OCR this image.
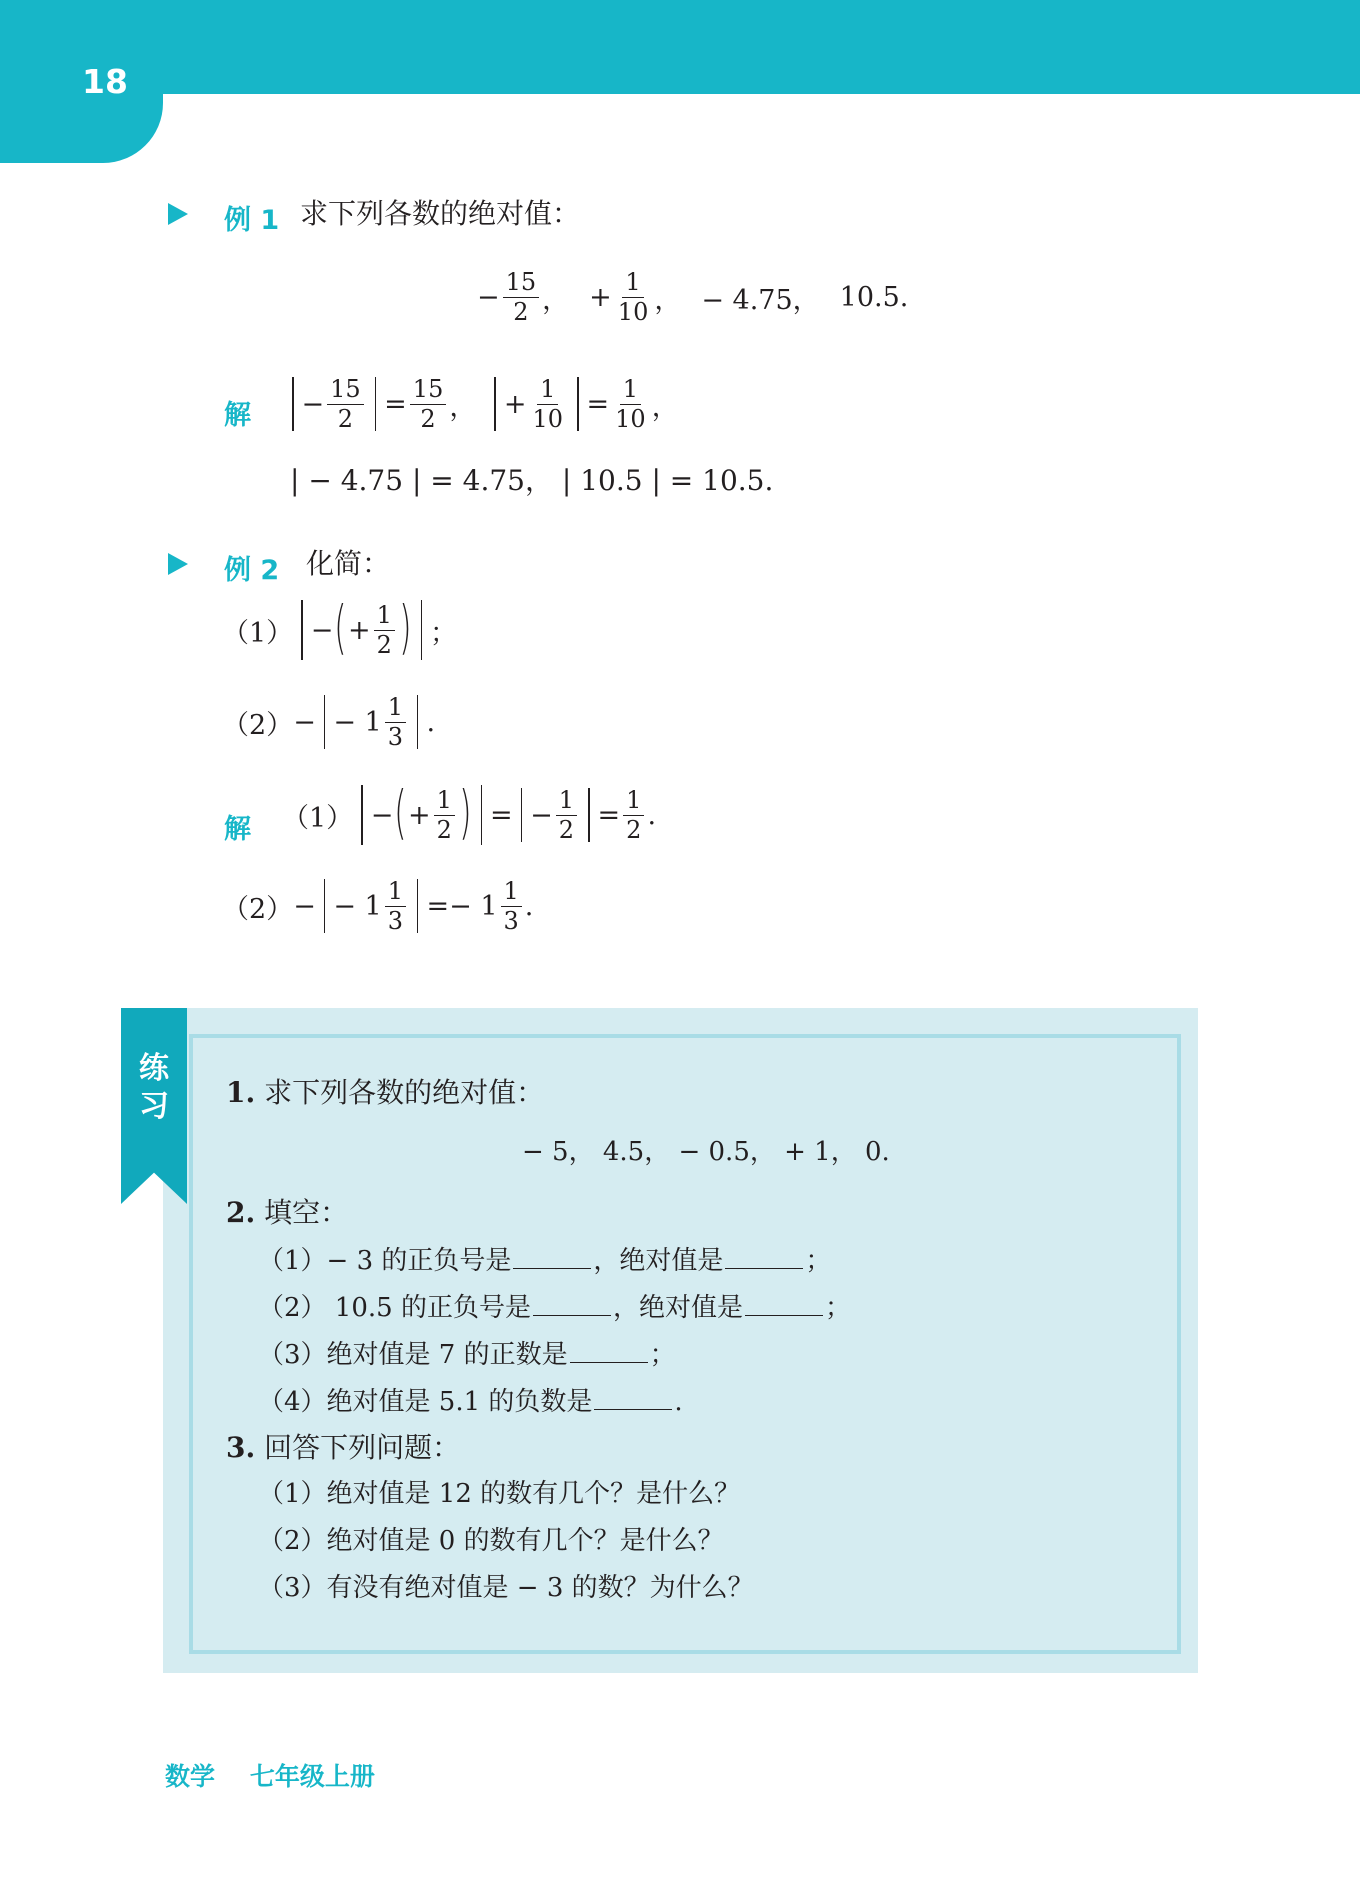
18
例 1 求下列各数的绝对值：
− $\frac{15}{2}$ ， + $\frac{1}{10}$ ， − 4.75， 10.5.
解 − $\frac{15}{2} = \frac{15}{2}$ ， + $\frac{1}{10} = \frac{1}{10}$ ，
| − 4.75 | = 4.75， | 10.5 | = 10.5.
例 2 化简：
（1） − ( + $\frac{1}{2}$ ) ；
（2） − − $1 \frac{1}{3}$ .
解 （1） − ( + $\frac{1}{2}$ ) = − $\frac{1}{2} = \frac{1}{2}$ .
（2） − − $1 \frac{1}{3} =- 1 \frac{1}{3}$ .
练
习	1. 求下列各数的绝对值：
− 5， 4.5， − 0.5， + 1， 0.
2. 填空：
（1）− 3 的正负号是	，绝对值是	；
（2） 10.5 的正负号是	，绝对值是	；
（3）绝对值是 7 的正数是	；
（4）绝对值是 5.1 的负数是	.
3. 回答下列问题：
（1）绝对值是 12 的数有几个？是什么？
（2）绝对值是 0 的数有几个？是什么？
（3）有没有绝对值是 − 3 的数？为什么？
数学    七年级上册
